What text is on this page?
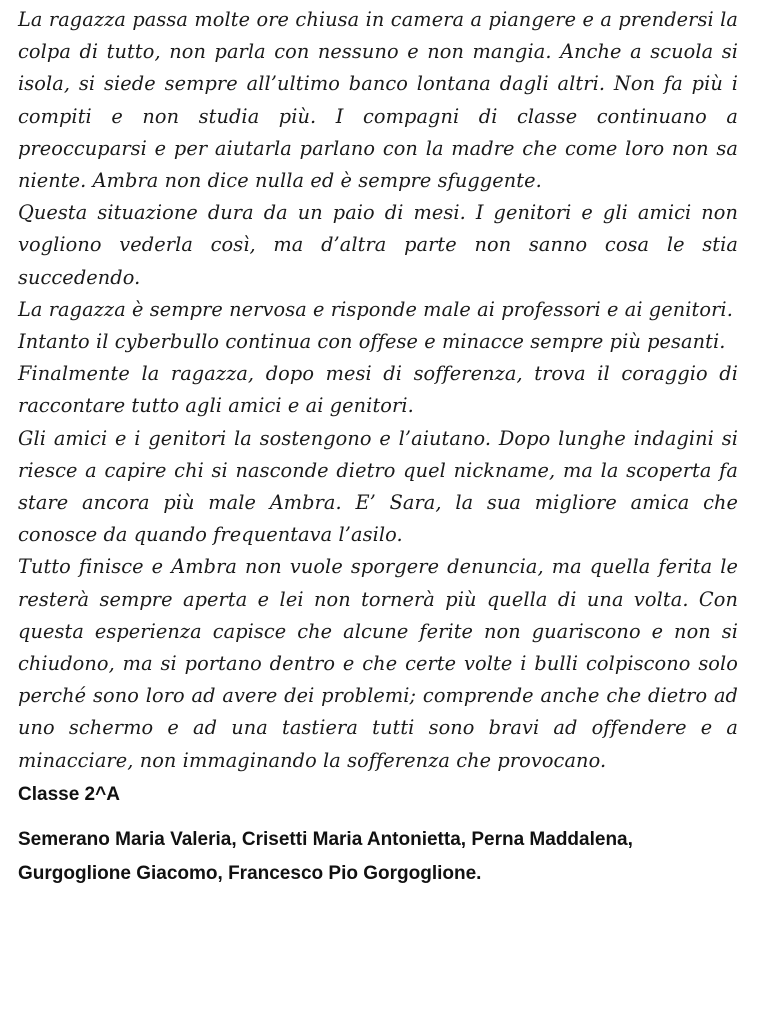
La ragazza passa molte ore chiusa in camera a piangere e a prendersi la colpa di tutto, non parla con nessuno e non mangia. Anche a scuola si isola, si siede sempre all’ultimo banco lontana dagli altri. Non fa più i compiti e non studia più. I compagni di classe continuano a preoccuparsi e per aiutarla parlano con la madre che come loro non sa niente. Ambra non dice nulla ed è sempre sfuggente.

Questa situazione dura da un paio di mesi. I genitori e gli amici non vogliono vederla così, ma d’altra parte non sanno cosa le stia succedendo.

La ragazza è sempre nervosa e risponde male ai professori e ai genitori.

Intanto il cyberbullo continua con offese e minacce sempre più pesanti.

Finalmente la ragazza, dopo mesi di sofferenza, trova il coraggio di raccontare tutto agli amici e ai genitori.

Gli amici e i genitori la sostengono e l’aiutano. Dopo lunghe indagini si riesce a capire chi si nasconde dietro quel nickname, ma la scoperta fa stare ancora più male Ambra. E’ Sara, la sua migliore amica che conosce da quando frequentava l’asilo.

Tutto finisce e Ambra non vuole sporgere denuncia, ma quella ferita le resterà sempre aperta e lei non tornerà più quella di una volta. Con questa esperienza capisce che alcune ferite non guariscono e non si chiudono, ma si portano dentro e che certe volte i bulli colpiscono solo perché sono loro ad avere dei problemi; comprende anche che dietro ad uno schermo e ad una tastiera tutti sono bravi ad offendere e a minacciare, non immaginando la sofferenza che provocano.

Classe 2^A
Semerano Maria Valeria, Crisetti Maria Antonietta, Perna Maddalena,
Gurgoglione Giacomo, Francesco Pio Gorgoglione.
